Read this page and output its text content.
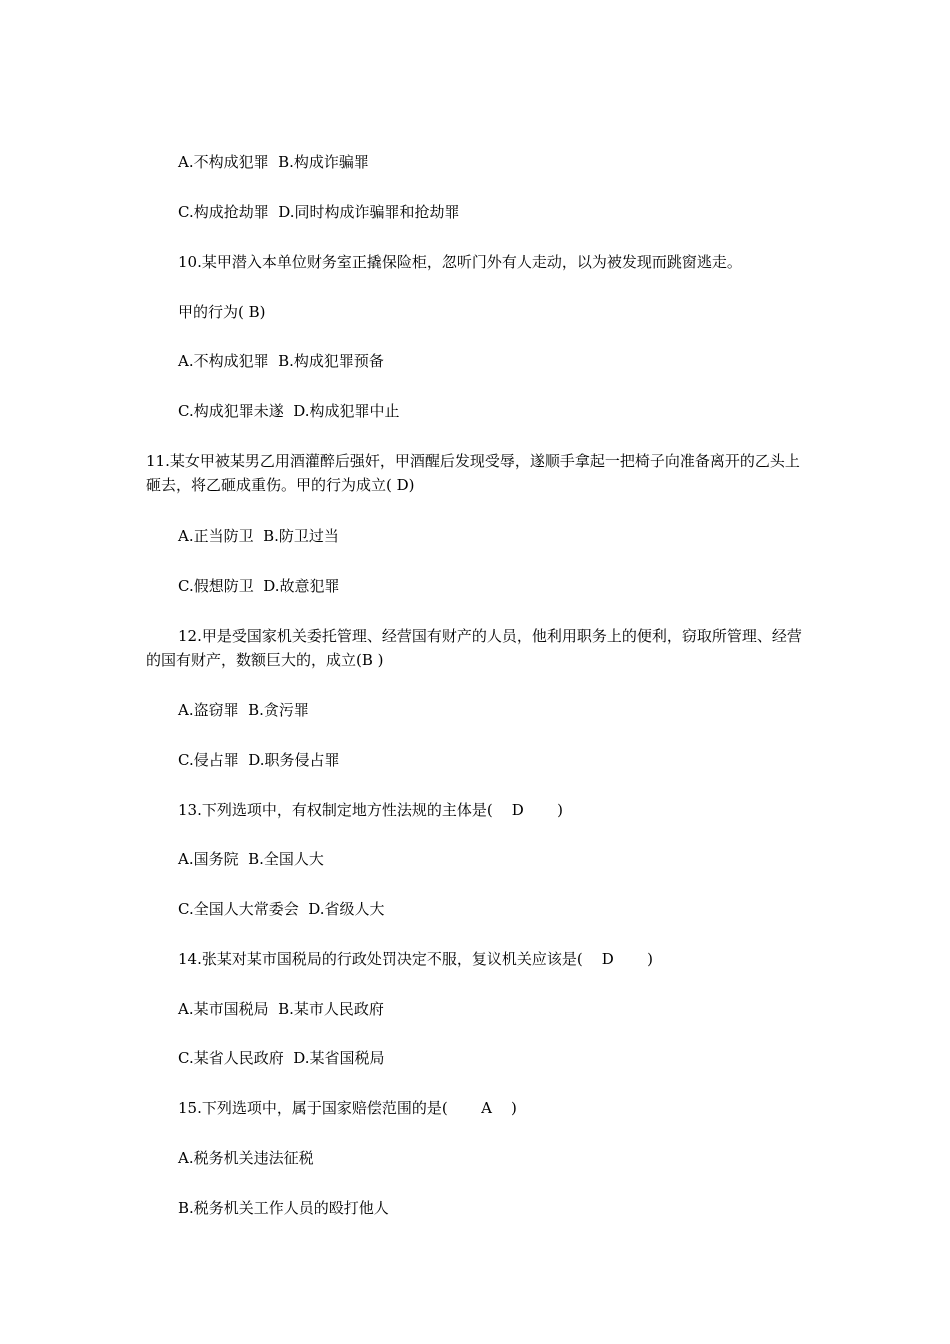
A.不构成犯罪  B.构成诈骗罪
C.构成抢劫罪  D.同时构成诈骗罪和抢劫罪
10.某甲潜入本单位财务室正撬保险柜，忽听门外有人走动，以为被发现而跳窗逃走。
甲的行为( B)
A.不构成犯罪  B.构成犯罪预备
C.构成犯罪未遂  D.构成犯罪中止
11.某女甲被某男乙用酒灌醉后强奸，甲酒醒后发现受辱，遂顺手拿起一把椅子向准备离开的乙头上砸去，将乙砸成重伤。甲的行为成立( D)
A.正当防卫  B.防卫过当
C.假想防卫  D.故意犯罪
12.甲是受国家机关委托管理、经营国有财产的人员，他利用职务上的便利，窃取所管理、经营的国有财产，数额巨大的，成立(B )
A.盗窃罪  B.贪污罪
C.侵占罪  D.职务侵占罪
13.下列选项中，有权制定地方性法规的主体是(    D       )
A.国务院  B.全国人大
C.全国人大常委会  D.省级人大
14.张某对某市国税局的行政处罚决定不服，复议机关应该是(    D       )
A.某市国税局  B.某市人民政府
C.某省人民政府  D.某省国税局
15.下列选项中，属于国家赔偿范围的是(       A    )
A.税务机关违法征税
B.税务机关工作人员的殴打他人
